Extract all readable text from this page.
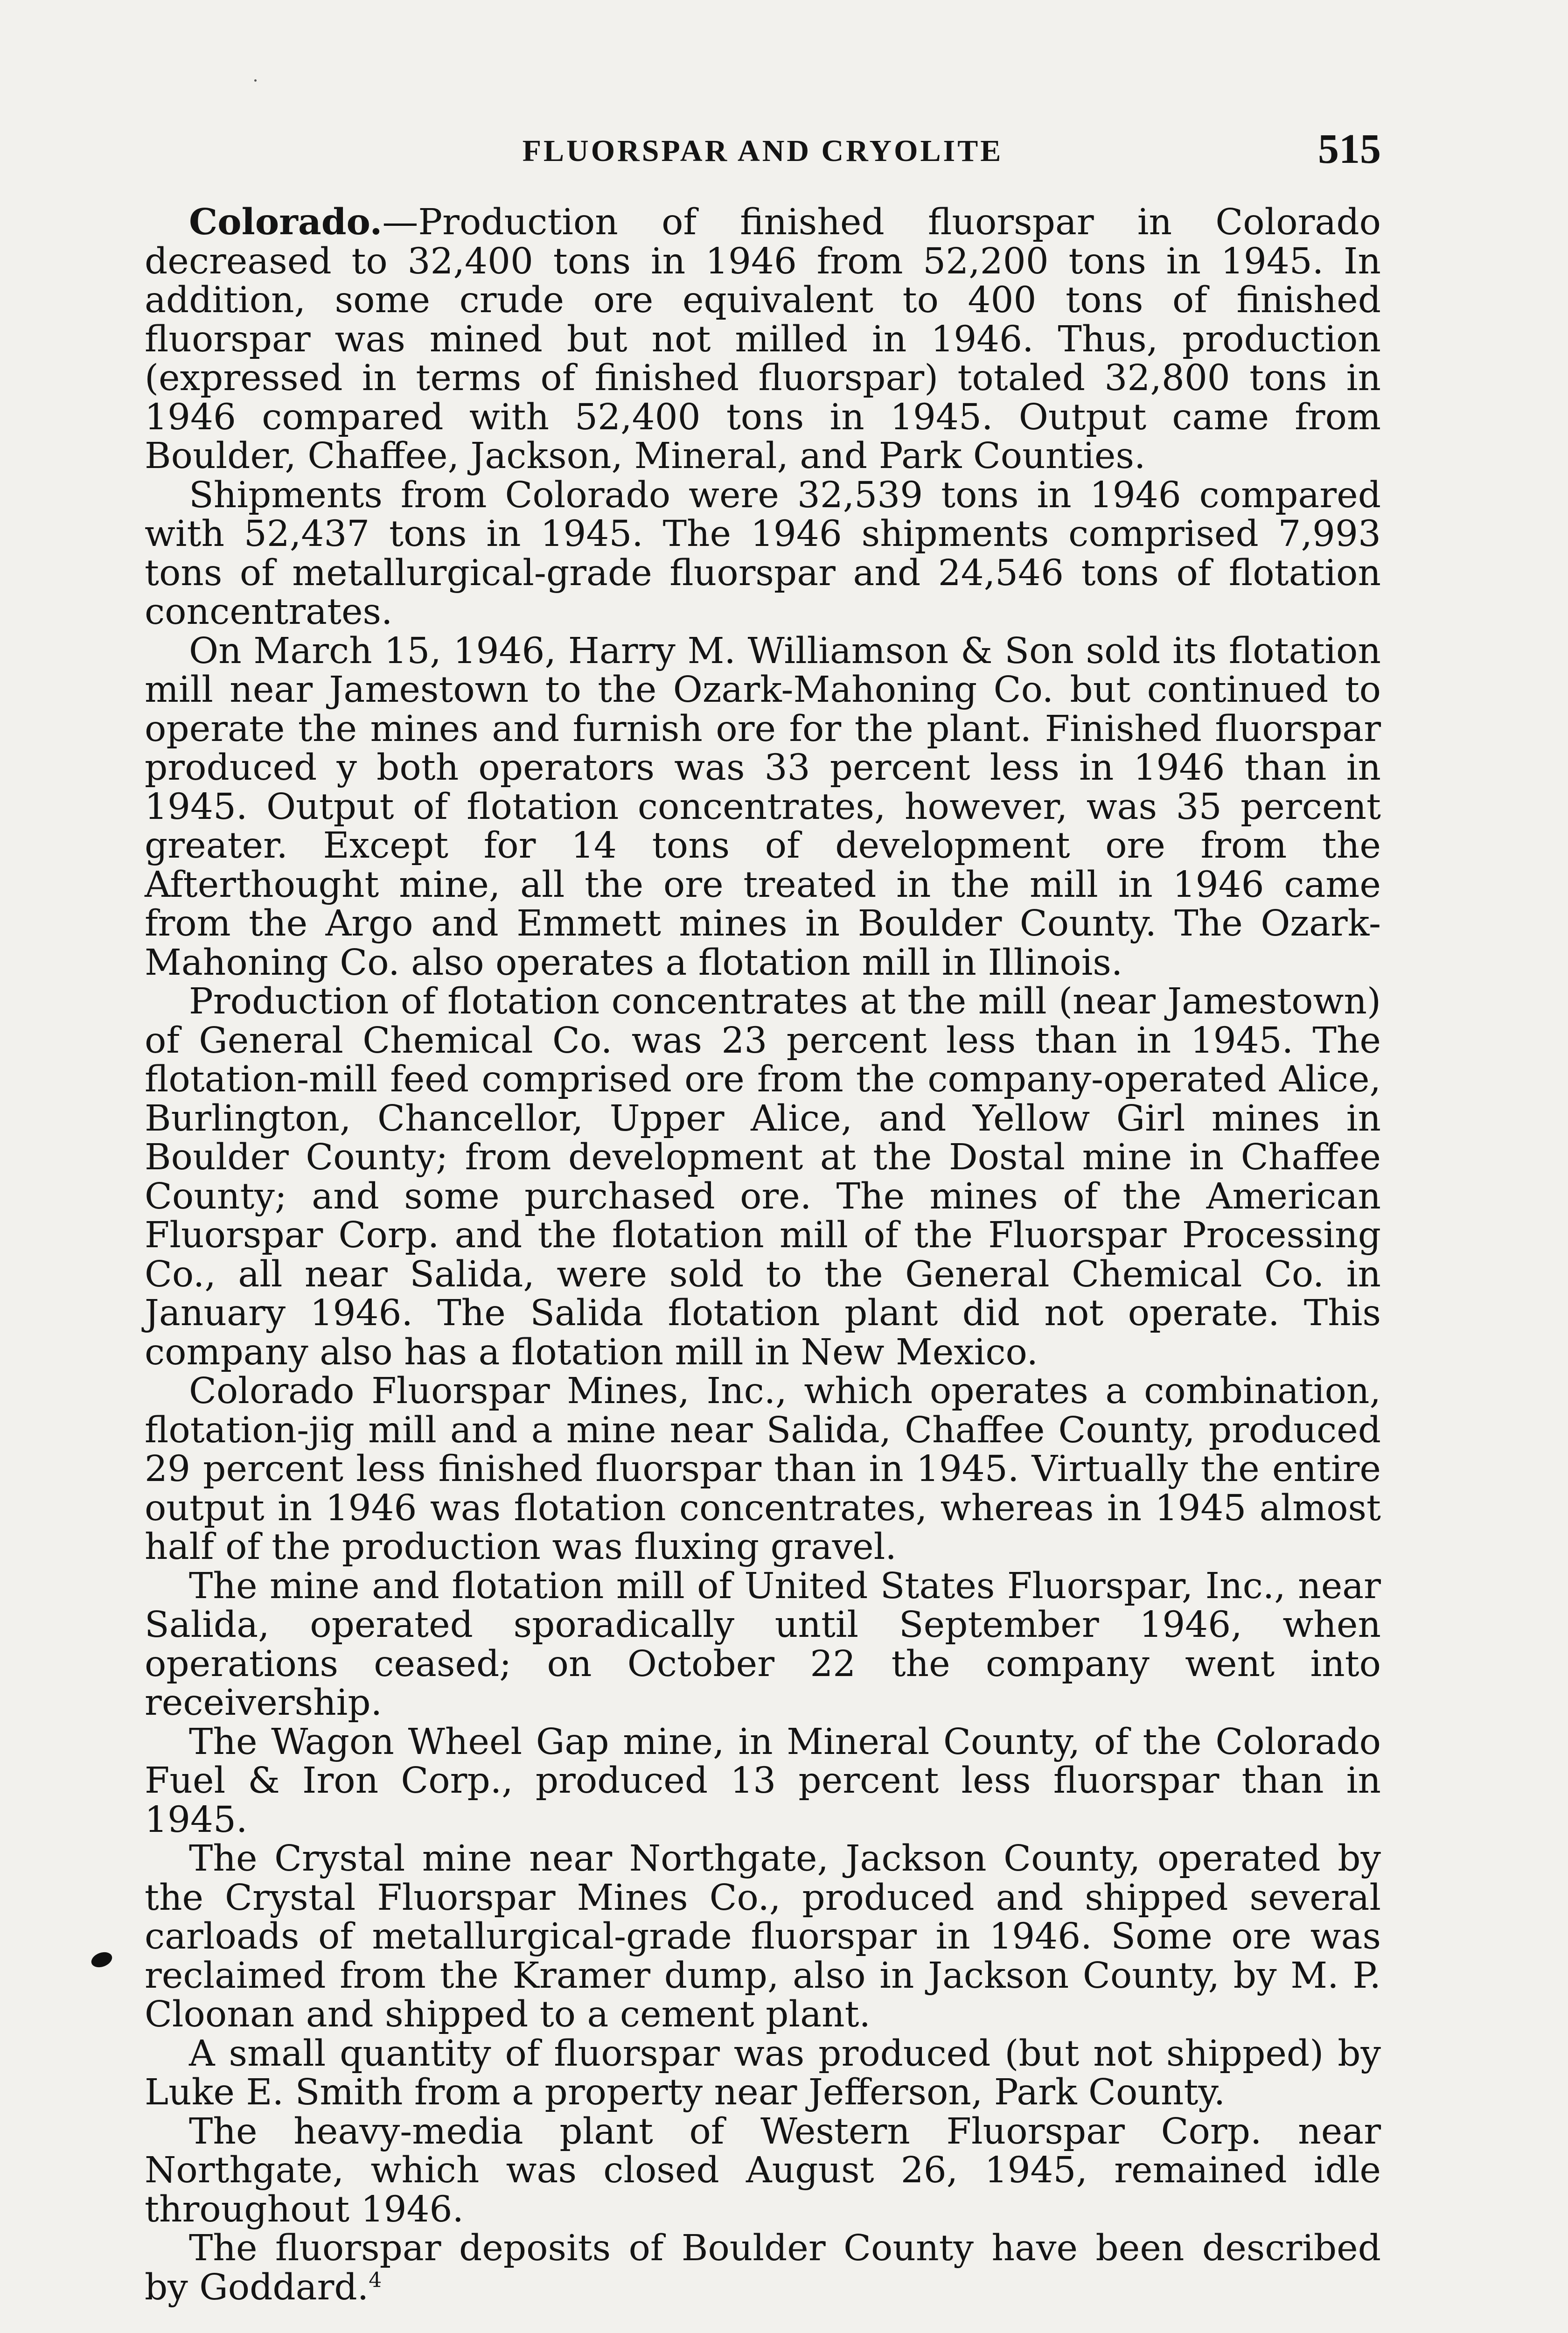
FLUORSPAR AND CRYOLITE	515

Colorado.—Production of finished fluorspar in Colorado decreased to 32,400 tons in 1946 from 52,200 tons in 1945. In addition, some crude ore equivalent to 400 tons of finished fluorspar was mined but not milled in 1946. Thus, production (expressed in terms of finished fluorspar) totaled 32,800 tons in 1946 compared with 52,400 tons in 1945. Output came from Boulder, Chaffee, Jackson, Mineral, and Park Counties.

Shipments from Colorado were 32,539 tons in 1946 compared with 52,437 tons in 1945. The 1946 shipments comprised 7,993 tons of metallurgical-grade fluorspar and 24,546 tons of flotation concentrates.

On March 15, 1946, Harry M. Williamson & Son sold its flotation mill near Jamestown to the Ozark-Mahoning Co. but continued to operate the mines and furnish ore for the plant. Finished fluorspar produced y both operators was 33 percent less in 1946 than in 1945. Output of flotation concentrates, however, was 35 percent greater. Except for 14 tons of development ore from the Afterthought mine, all the ore treated in the mill in 1946 came from the Argo and Emmett mines in Boulder County. The Ozark-Mahoning Co. also operates a flotation mill in Illinois.

Production of flotation concentrates at the mill (near Jamestown) of General Chemical Co. was 23 percent less than in 1945. The flotation-mill feed comprised ore from the company-operated Alice, Burlington, Chancellor, Upper Alice, and Yellow Girl mines in Boulder County; from development at the Dostal mine in Chaffee County; and some purchased ore. The mines of the American Fluorspar Corp. and the flotation mill of the Fluorspar Processing Co., all near Salida, were sold to the General Chemical Co. in January 1946. The Salida flotation plant did not operate. This company also has a flotation mill in New Mexico.

Colorado Fluorspar Mines, Inc., which operates a combination, flotation-jig mill and a mine near Salida, Chaffee County, produced 29 percent less finished fluorspar than in 1945. Virtually the entire output in 1946 was flotation concentrates, whereas in 1945 almost half of the production was fluxing gravel.

The mine and flotation mill of United States Fluorspar, Inc., near Salida, operated sporadically until September 1946, when operations ceased; on October 22 the company went into receivership.

The Wagon Wheel Gap mine, in Mineral County, of the Colorado Fuel & Iron Corp., produced 13 percent less fluorspar than in 1945.

The Crystal mine near Northgate, Jackson County, operated by the Crystal Fluorspar Mines Co., produced and shipped several carloads of metallurgical-grade fluorspar in 1946. Some ore was reclaimed from the Kramer dump, also in Jackson County, by M. P. Cloonan and shipped to a cement plant.

A small quantity of fluorspar was produced (but not shipped) by Luke E. Smith from a property near Jefferson, Park County.

The heavy-media plant of Western Fluorspar Corp. near Northgate, which was closed August 26, 1945, remained idle throughout 1946.

The fluorspar deposits of Boulder County have been described by Goddard.$^4$
